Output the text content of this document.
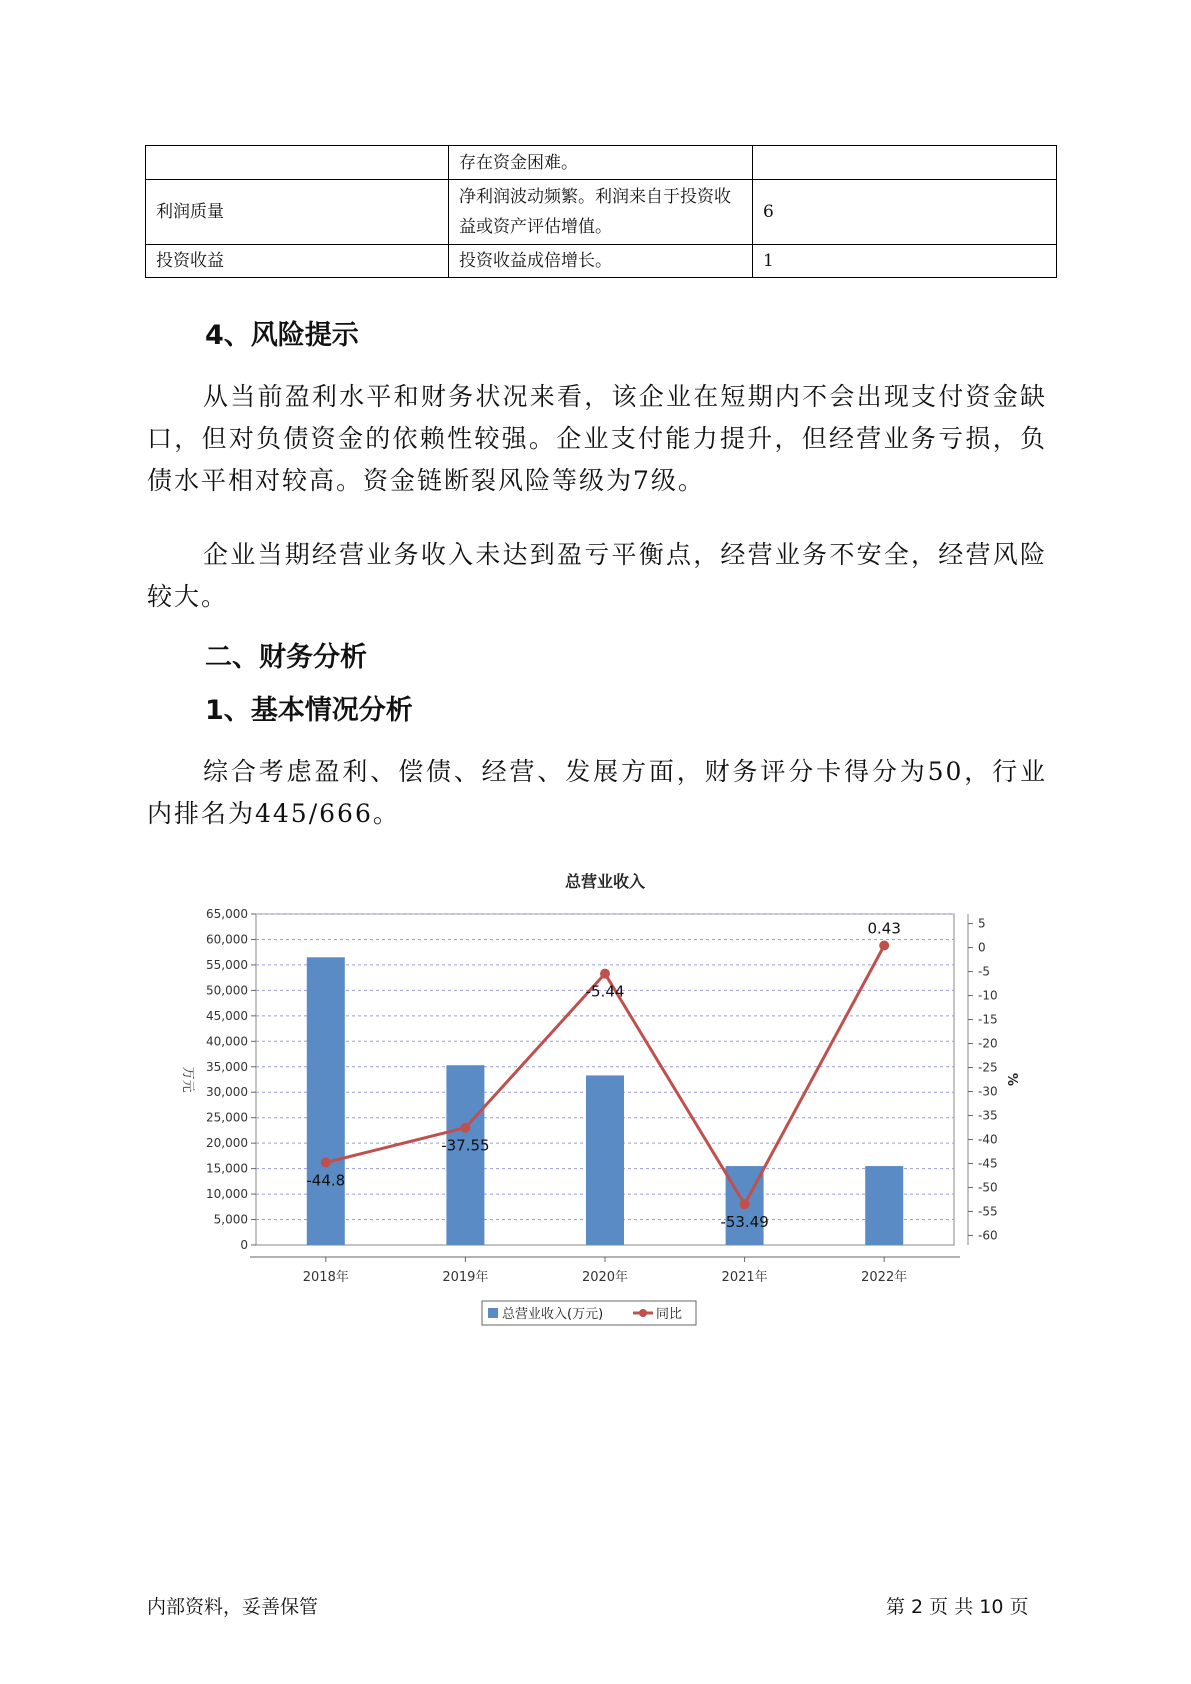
	存在资金困难。	
利润质量	净利润波动频繁。利润来自于投资收益或资产评估增值。	6
投资收益	投资收益成倍增长。	1
4、风险提示

从当前盈利水平和财务状况来看，该企业在短期内不会出现支付资金缺口，但对负债资金的依赖性较强。企业支付能力提升，但经营业务亏损，负债水平相对较高。资金链断裂风险等级为7级。

企业当期经营业务收入未达到盈亏平衡点，经营业务不安全，经营风险较大。

二、财务分析
1、基本情况分析

综合考虑盈利、偿债、经营、发展方面，财务评分卡得分为50，行业内排名为445/666。

总营业收入
0
5,000
10,000
15,000
20,000
25,000
30,000
35,000
40,000
45,000
50,000
55,000
60,000
65,000
万元
5
0
-5
-10
-15
-20
-25
-30
-35
-40
-45
-50
-55
-60
%
2018年	2019年	2020年	2021年	2022年
-44.8
-37.55
-5.44
-53.49
0.43
总营业收入(万元)	同比
内部资料，妥善保管	第 2 页 共 10 页
